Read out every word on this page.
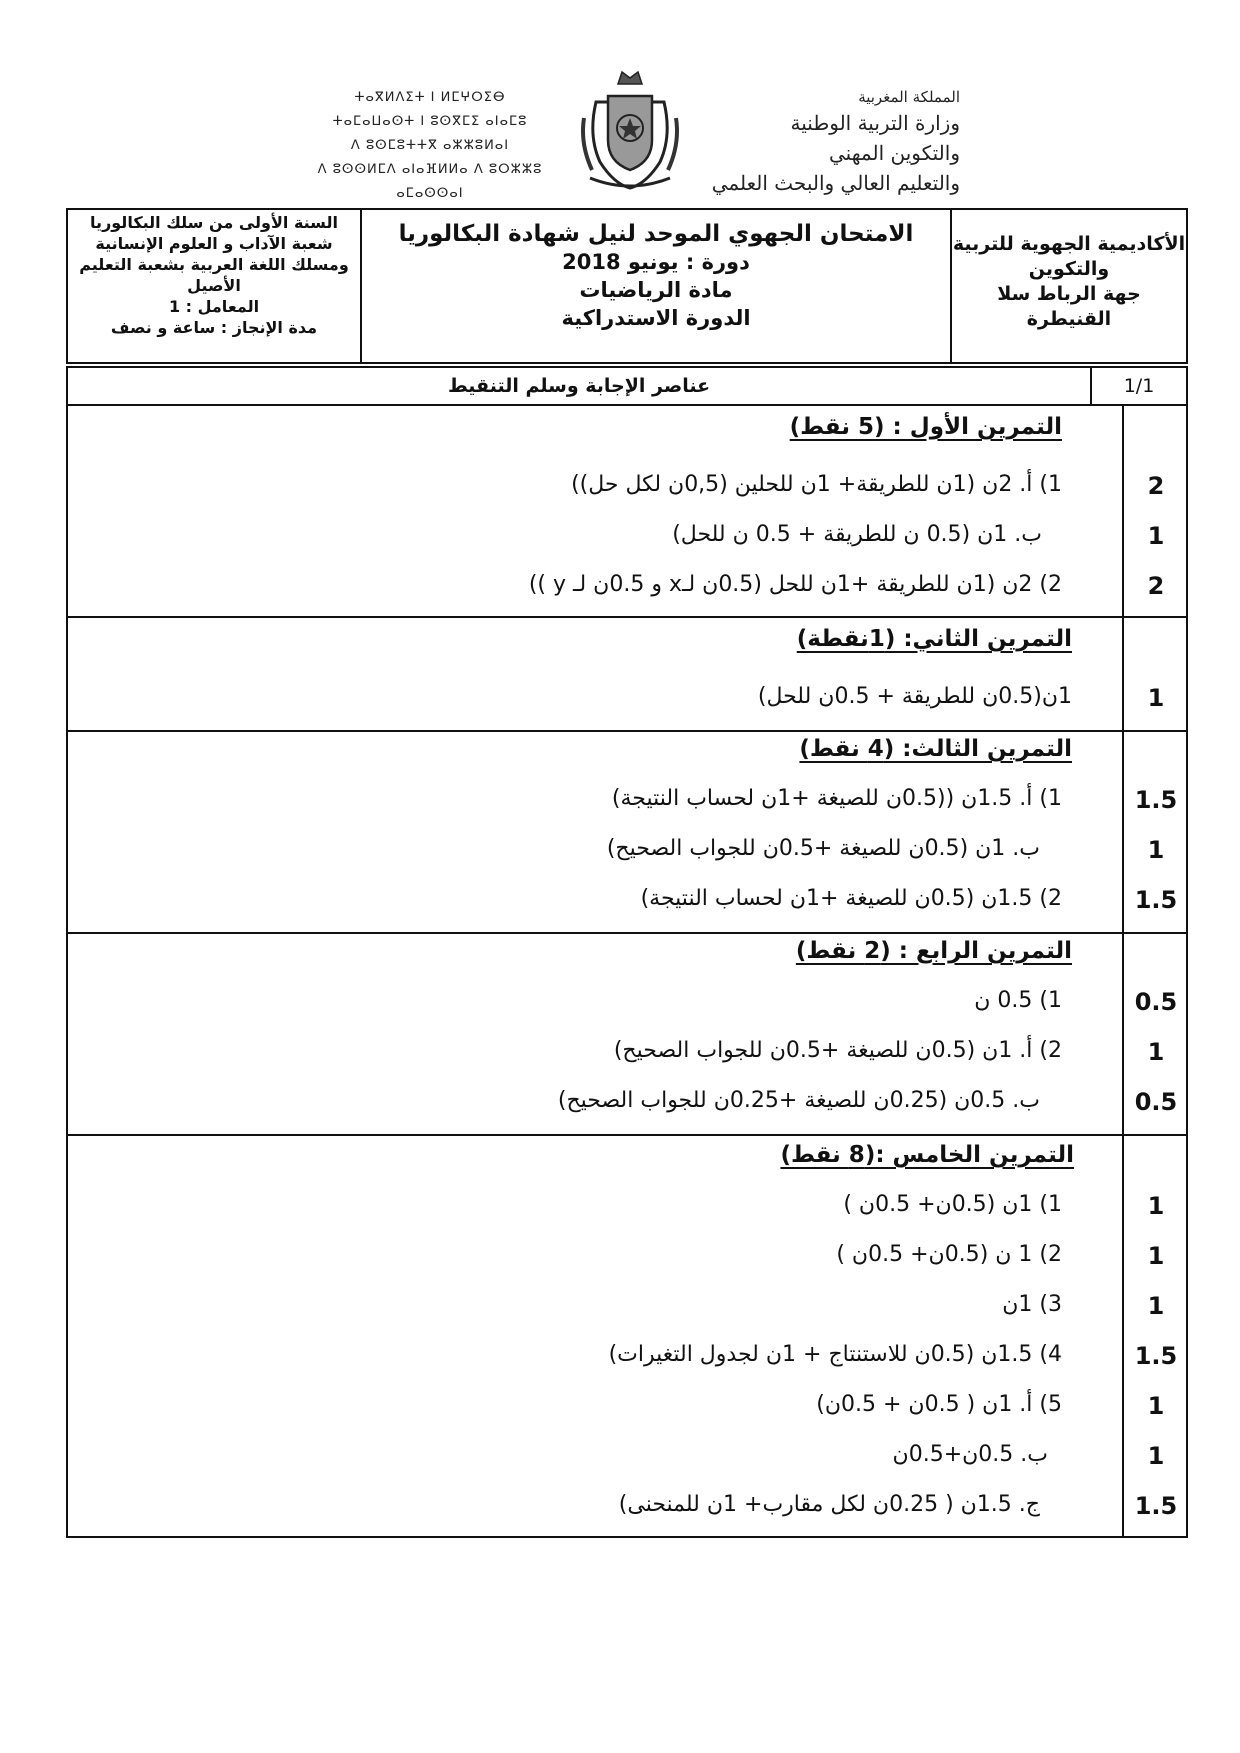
ⵜⴰⴳⵍⴷⵉⵜ ⵏ ⵍⵎⵖⵔⵉⴱ
ⵜⴰⵎⴰⵡⴰⵙⵜ ⵏ ⵓⵙⴳⵎⵉ ⴰⵏⴰⵎⵓ
ⴷ ⵓⵙⵎⵓⵜⵜⴳ ⴰⵣⵣⵓⵍⴰⵏ
ⴷ ⵓⵙⵙⵍⵎⴷ ⴰⵏⴰⴼⵍⵍⴰ ⴷ ⵓⵔⵣⵣⵓ ⴰⵎⴰⵙⵙⴰⵏ
المملكة المغربية
وزارة التربية الوطنية
والتكوين المهني
والتعليم العالي والبحث العلمي
الأكاديمية الجهوية للتربية
والتكوين
جهة الرباط سلا القنيطرة
الامتحان الجهوي الموحد لنيل شهادة البكالوريا
دورة : يونيو 2018
مادة الرياضيات
الدورة الاستدراكية
السنة الأولى من سلك البكالوريا
شعبة الآداب و العلوم الإنسانية
ومسلك اللغة العربية بشعبة التعليم
الأصيل
المعامل : 1
مدة الإنجاز : ساعة و نصف
عناصر الإجابة وسلم التنقيط	1/1
التمرين الأول : (5 نقط)
1) أ. 2ن (1ن للطريقة+ 1ن للحلين (0,5ن لكل حل))	2
ب. 1ن (0.5 ن للطريقة + 0.5 ن للحل)	1
2) 2ن (1ن للطريقة +1ن للحل (0.5ن لـx و 0.5ن لـ y ))	2
التمرين الثاني: (1نقطة)
1ن(0.5ن للطريقة + 0.5ن للحل)	1
التمرين الثالث: (4 نقط)
1) أ. 1.5ن ((0.5ن للصيغة +1ن لحساب النتيجة)	1.5
ب. 1ن (0.5ن للصيغة +0.5ن للجواب الصحيح)	1
2) 1.5ن (0.5ن للصيغة +1ن لحساب النتيجة)	1.5
التمرين الرابع : (2 نقط)
1) 0.5 ن	0.5
2) أ. 1ن (0.5ن للصيغة +0.5ن للجواب الصحيح)	1
ب. 0.5ن (0.25ن للصيغة +0.25ن للجواب الصحيح)	0.5
التمرين الخامس :(8 نقط)
1) 1ن (0.5ن+ 0.5ن )	1
2) 1 ن (0.5ن+ 0.5ن )	1
3) 1ن	1
4) 1.5ن (0.5ن للاستنتاج + 1ن لجدول التغيرات)	1.5
5) أ. 1ن ( 0.5ن + 0.5ن)	1
ب. 0.5ن+0.5ن	1
ج. 1.5ن ( 0.25ن لكل مقارب+ 1ن للمنحنى)	1.5
